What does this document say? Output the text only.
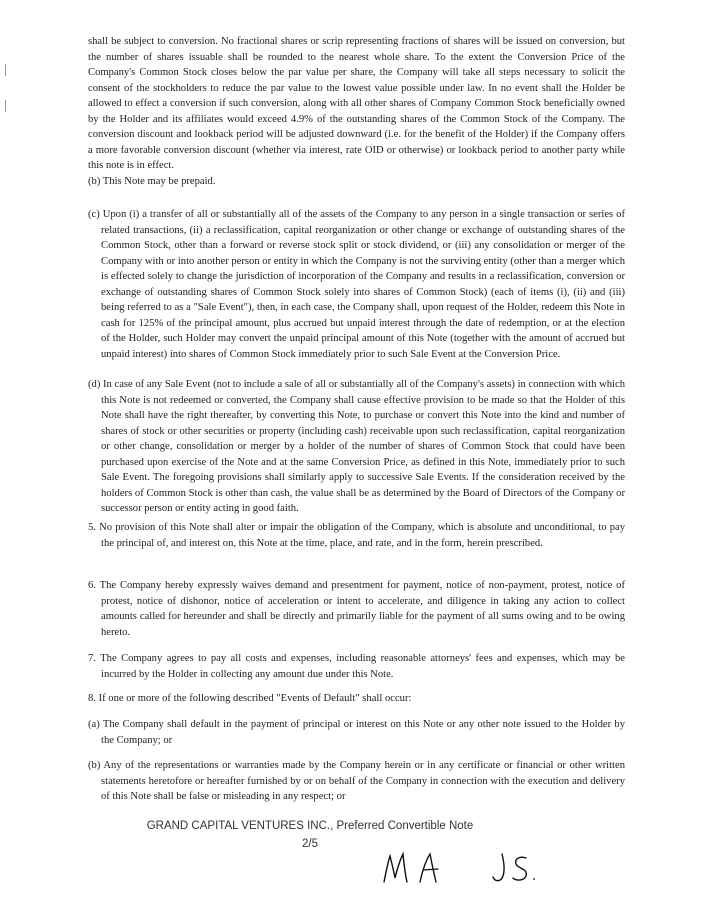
shall be subject to conversion. No fractional shares or scrip representing fractions of shares will be issued on conversion, but the number of shares issuable shall be rounded to the nearest whole share. To the extent the Conversion Price of the Company's Common Stock closes below the par value per share, the Company will take all steps necessary to solicit the consent of the stockholders to reduce the par value to the lowest value possible under law. In no event shall the Holder be allowed to effect a conversion if such conversion, along with all other shares of Company Common Stock beneficially owned by the Holder and its affiliates would exceed 4.9% of the outstanding shares of the Common Stock of the Company. The conversion discount and lookback period will be adjusted downward (i.e. for the benefit of the Holder) if the Company offers a more favorable conversion discount (whether via interest, rate OID or otherwise) or lookback period to another party while this note is in effect.

(b) This Note may be prepaid.

(c) Upon (i) a transfer of all or substantially all of the assets of the Company to any person in a single transaction or series of related transactions, (ii) a reclassification, capital reorganization or other change or exchange of outstanding shares of the Common Stock, other than a forward or reverse stock split or stock dividend, or (iii) any consolidation or merger of the Company with or into another person or entity in which the Company is not the surviving entity (other than a merger which is effected solely to change the jurisdiction of incorporation of the Company and results in a reclassification, conversion or exchange of outstanding shares of Common Stock solely into shares of Common Stock) (each of items (i), (ii) and (iii) being referred to as a "Sale Event"), then, in each case, the Company shall, upon request of the Holder, redeem this Note in cash for 125% of the principal amount, plus accrued but unpaid interest through the date of redemption, or at the election of the Holder, such Holder may convert the unpaid principal amount of this Note (together with the amount of accrued but unpaid interest) into shares of Common Stock immediately prior to such Sale Event at the Conversion Price.

(d) In case of any Sale Event (not to include a sale of all or substantially all of the Company's assets) in connection with which this Note is not redeemed or converted, the Company shall cause effective provision to be made so that the Holder of this Note shall have the right thereafter, by converting this Note, to purchase or convert this Note into the kind and number of shares of stock or other securities or property (including cash) receivable upon such reclassification, capital reorganization or other change, consolidation or merger by a holder of the number of shares of Common Stock that could have been purchased upon exercise of the Note and at the same Conversion Price, as defined in this Note, immediately prior to such Sale Event. The foregoing provisions shall similarly apply to successive Sale Events. If the consideration received by the holders of Common Stock is other than cash, the value shall be as determined by the Board of Directors of the Company or successor person or entity acting in good faith.

5. No provision of this Note shall alter or impair the obligation of the Company, which is absolute and unconditional, to pay the principal of, and interest on, this Note at the time, place, and rate, and in the form, herein prescribed.

6. The Company hereby expressly waives demand and presentment for payment, notice of non-payment, protest, notice of protest, notice of dishonor, notice of acceleration or intent to accelerate, and diligence in taking any action to collect amounts called for hereunder and shall be directly and primarily liable for the payment of all sums owing and to be owing hereto.

7. The Company agrees to pay all costs and expenses, including reasonable attorneys' fees and expenses, which may be incurred by the Holder in collecting any amount due under this Note.

8. If one or more of the following described "Events of Default" shall occur:

(a) The Company shall default in the payment of principal or interest on this Note or any other note issued to the Holder by the Company; or

(b) Any of the representations or warranties made by the Company herein or in any certificate or financial or other written statements heretofore or hereafter furnished by or on behalf of the Company in connection with the execution and delivery of this Note shall be false or misleading in any respect; or

GRAND CAPITAL VENTURES INC., Preferred Convertible Note
2/5
